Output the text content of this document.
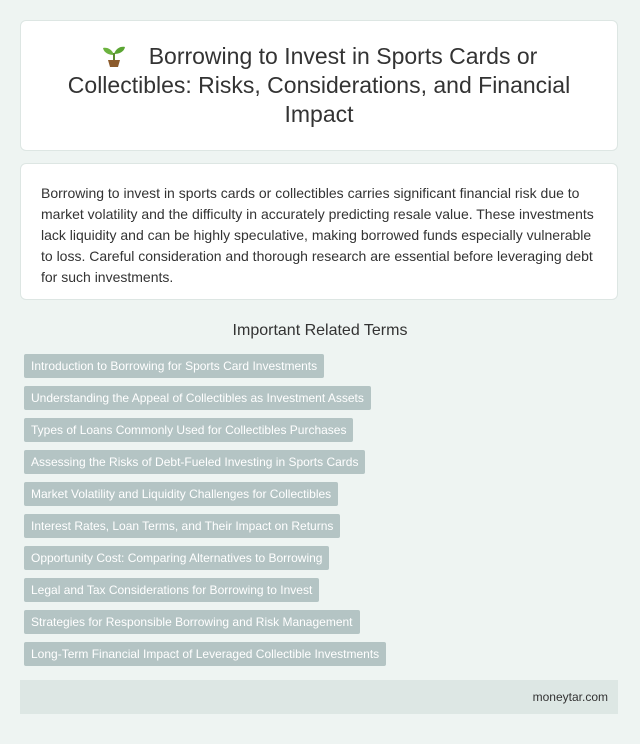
Borrowing to Invest in Sports Cards or Collectibles: Risks, Considerations, and Financial Impact

Borrowing to invest in sports cards or collectibles carries significant financial risk due to market volatility and the difficulty in accurately predicting resale value. These investments lack liquidity and can be highly speculative, making borrowed funds especially vulnerable to loss. Careful consideration and thorough research are essential before leveraging debt for such investments.

Important Related Terms
Introduction to Borrowing for Sports Card Investments
Understanding the Appeal of Collectibles as Investment Assets
Types of Loans Commonly Used for Collectibles Purchases
Assessing the Risks of Debt-Fueled Investing in Sports Cards
Market Volatility and Liquidity Challenges for Collectibles
Interest Rates, Loan Terms, and Their Impact on Returns
Opportunity Cost: Comparing Alternatives to Borrowing
Legal and Tax Considerations for Borrowing to Invest
Strategies for Responsible Borrowing and Risk Management
Long-Term Financial Impact of Leveraged Collectible Investments
moneytar.com
